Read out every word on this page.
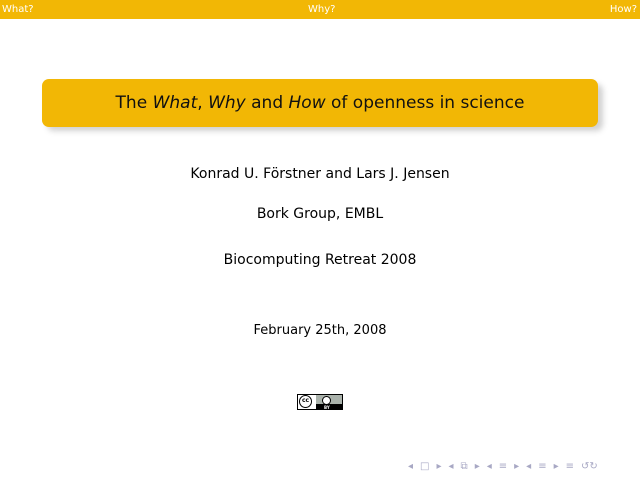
What?	Why?	How?
The What, Why and How of openness in science
Konrad U. Förstner and Lars J. Jensen
Bork Group, EMBL
Biocomputing Retreat 2008
February 25th, 2008
cc
BY
◂ □ ▸ ◂ ⧉ ▸ ◂ ≡ ▸ ◂ ≡ ▸ ≡ ↺↻
